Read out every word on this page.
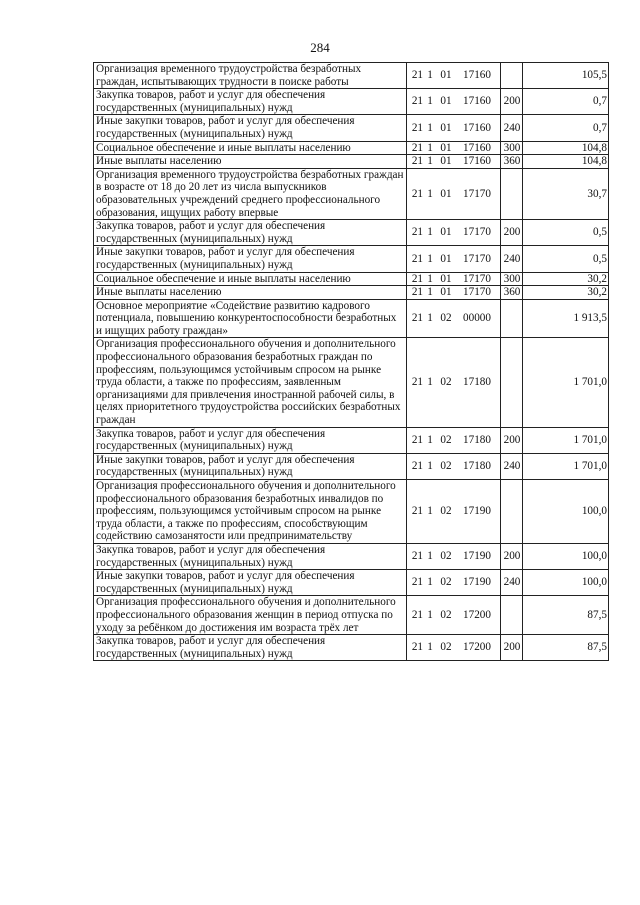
284
Организация временного трудоустройства безработных граждан, испытывающих трудности в поиске работы	21 1 01 17160		105,5
Закупка товаров, работ и услуг для обеспечения государственных (муниципальных) нужд	21 1 01 17160	200	0,7
Иные закупки товаров, работ и услуг для обеспечения государственных (муниципальных) нужд	21 1 01 17160	240	0,7
Социальное обеспечение и иные выплаты населению	21 1 01 17160	300	104,8
Иные выплаты населению	21 1 01 17160	360	104,8
Организация временного трудоустройства безработных граждан в возрасте от 18 до 20 лет из числа выпускников образовательных учреждений среднего профессионального образования, ищущих работу впервые	21 1 01 17170		30,7
Закупка товаров, работ и услуг для обеспечения государственных (муниципальных) нужд	21 1 01 17170	200	0,5
Иные закупки товаров, работ и услуг для обеспечения государственных (муниципальных) нужд	21 1 01 17170	240	0,5
Социальное обеспечение и иные выплаты населению	21 1 01 17170	300	30,2
Иные выплаты населению	21 1 01 17170	360	30,2
Основное мероприятие «Содействие развитию кадрового потенциала, повышению конкурентоспособности безработных и ищущих работу граждан»	21 1 02 00000		1 913,5
Организация профессионального обучения и дополнительного профессионального образования безработных граждан по профессиям, пользующимся устойчивым спросом на рынке труда области, а также по профессиям, заявленным организациями для привлечения иностранной рабочей силы, в целях приоритетного трудоустройства российских безработных граждан	21 1 02 17180		1 701,0
Закупка товаров, работ и услуг для обеспечения государственных (муниципальных) нужд	21 1 02 17180	200	1 701,0
Иные закупки товаров, работ и услуг для обеспечения государственных (муниципальных) нужд	21 1 02 17180	240	1 701,0
Организация профессионального обучения и дополнительного профессионального образования безработных инвалидов по профессиям, пользующимся устойчивым спросом на рынке труда области, а также по профессиям, способствующим содействию самозанятости или предпринимательству	21 1 02 17190		100,0
Закупка товаров, работ и услуг для обеспечения государственных (муниципальных) нужд	21 1 02 17190	200	100,0
Иные закупки товаров, работ и услуг для обеспечения государственных (муниципальных) нужд	21 1 02 17190	240	100,0
Организация профессионального обучения и дополнительного профессионального образования женщин в период отпуска по уходу за ребёнком до достижения им возраста трёх лет	21 1 02 17200		87,5
Закупка товаров, работ и услуг для обеспечения государственных (муниципальных) нужд	21 1 02 17200	200	87,5
